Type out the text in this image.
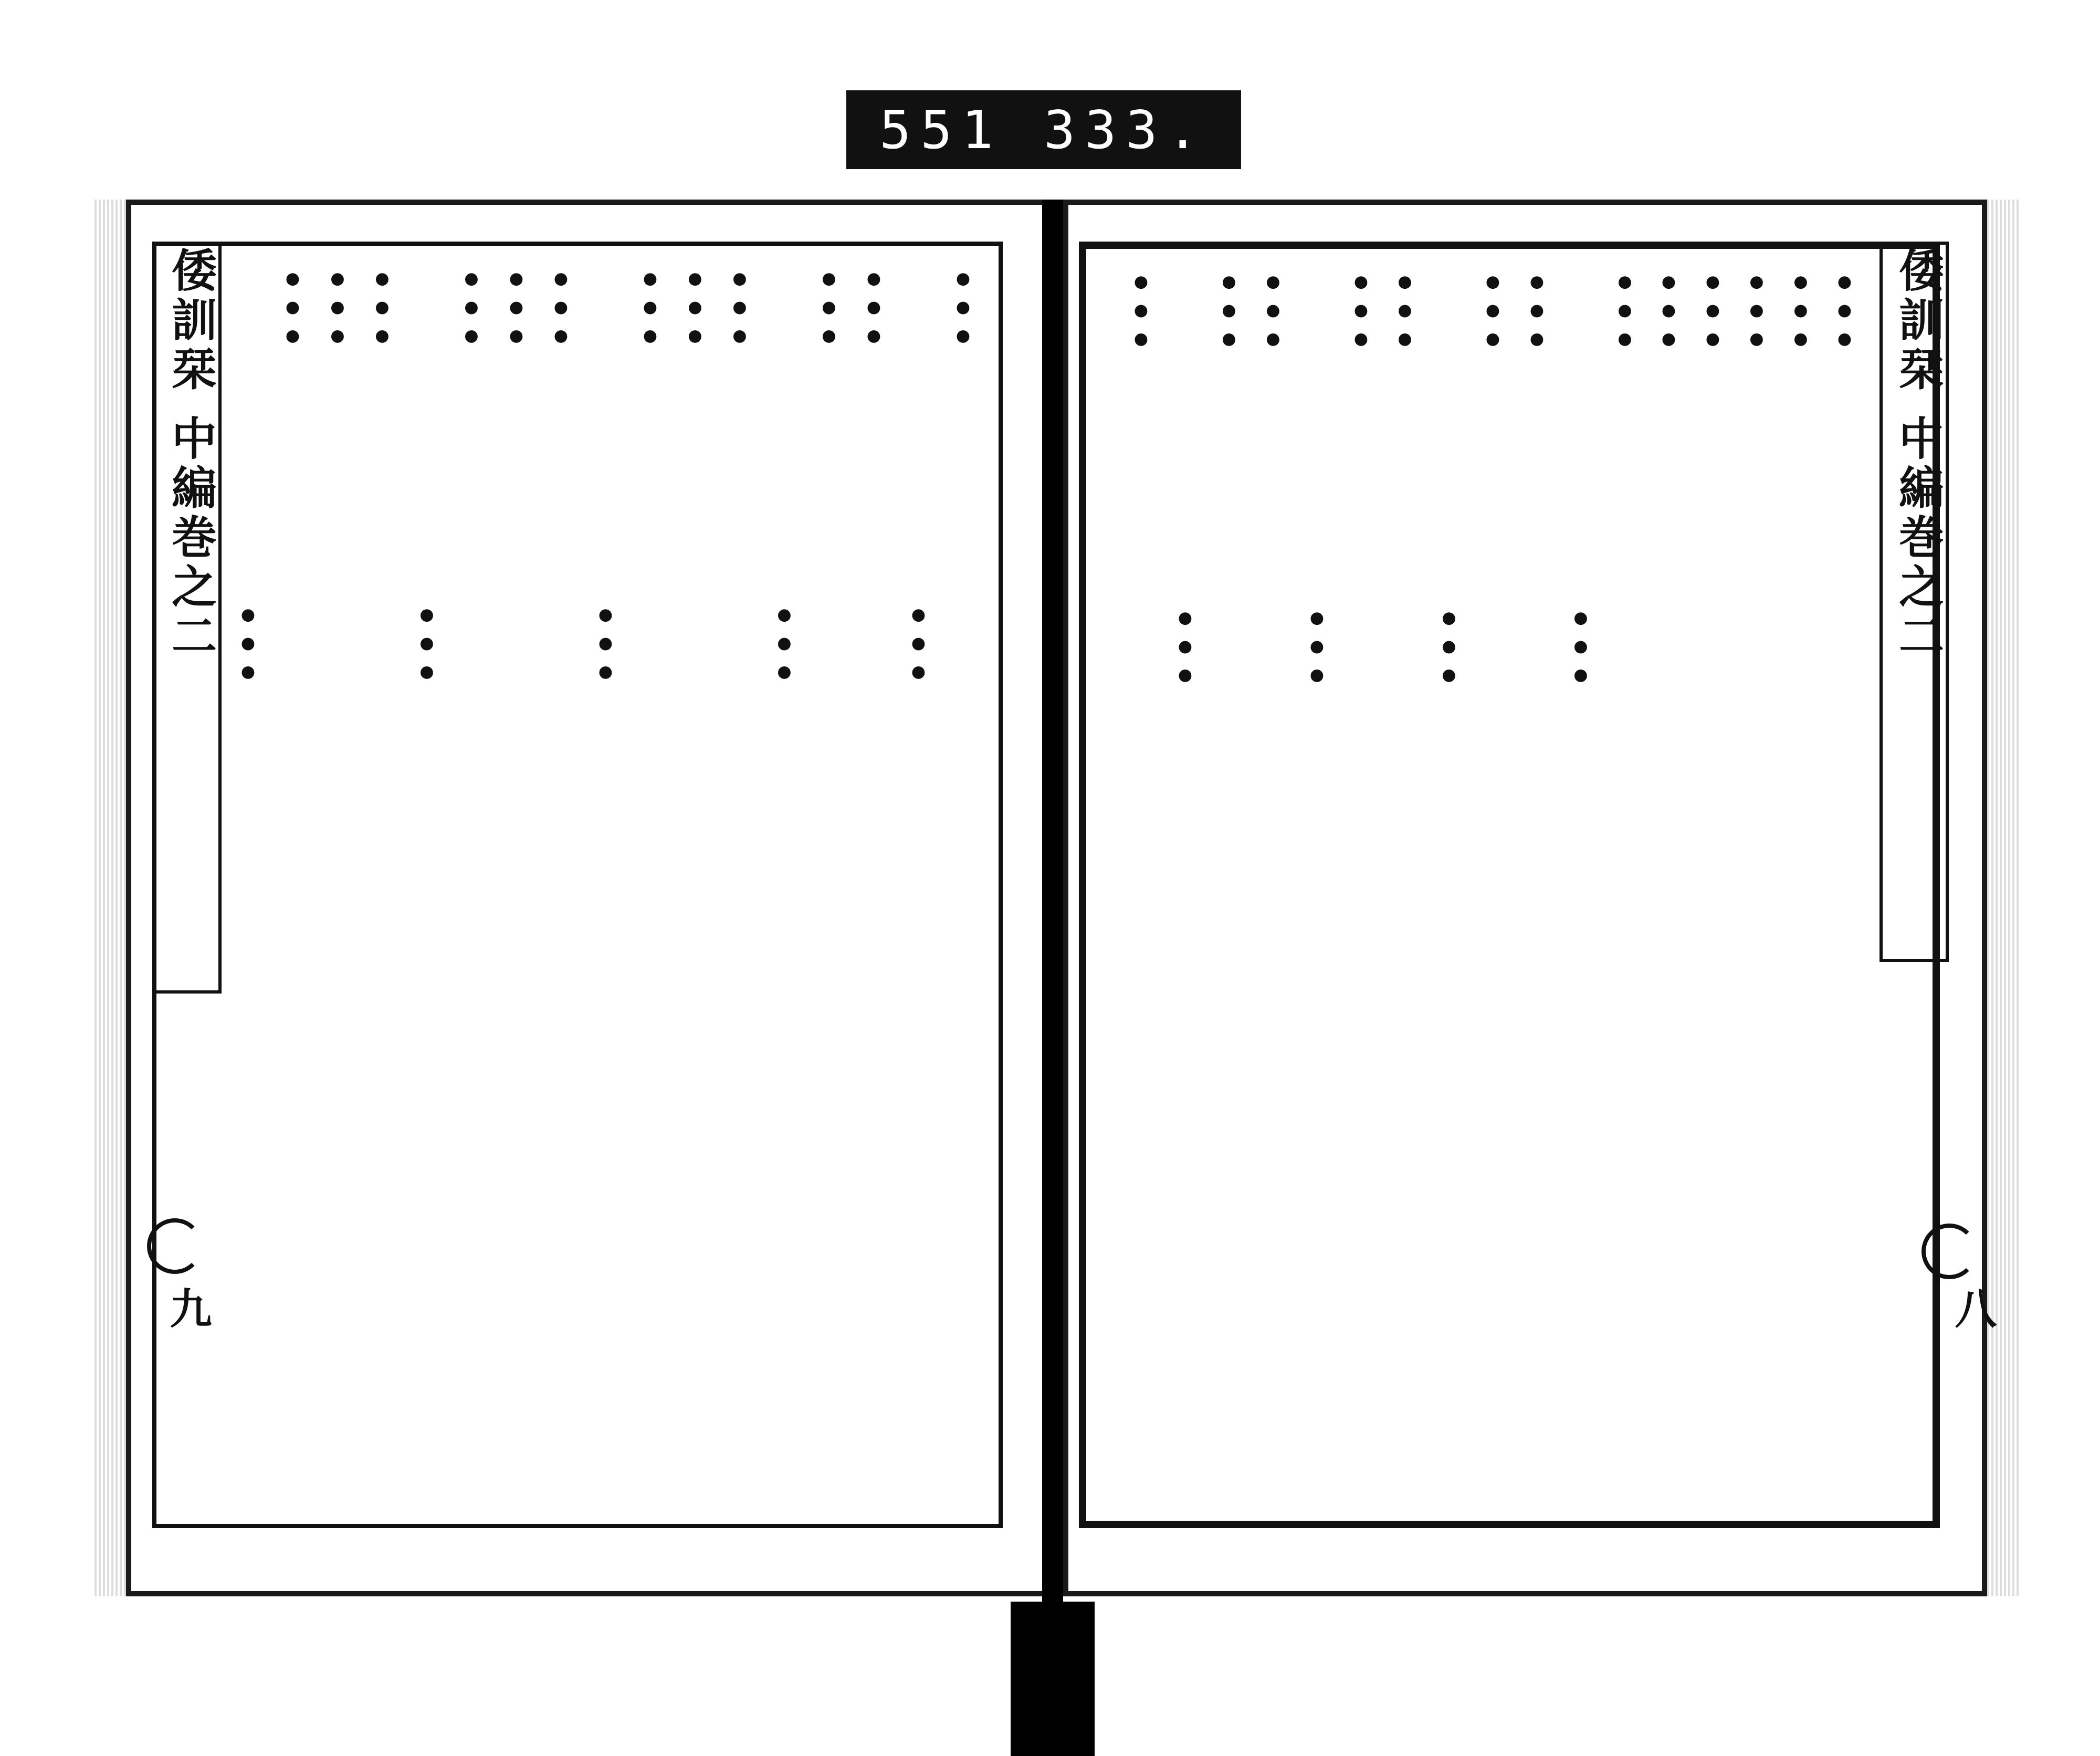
551 333.
•••
•••
•••
•••
•••
•••
•••
•••
•••
•••
•••
•••
•••
•••
•••
•••
•••
倭訓栞 中編巻之二	•••
•••
•••
•••
•••
•••
•••
•••
•••
•••
•••
•••
•••
•••
•••
•••
•••	倭訓栞 中編巻之二
九	八
